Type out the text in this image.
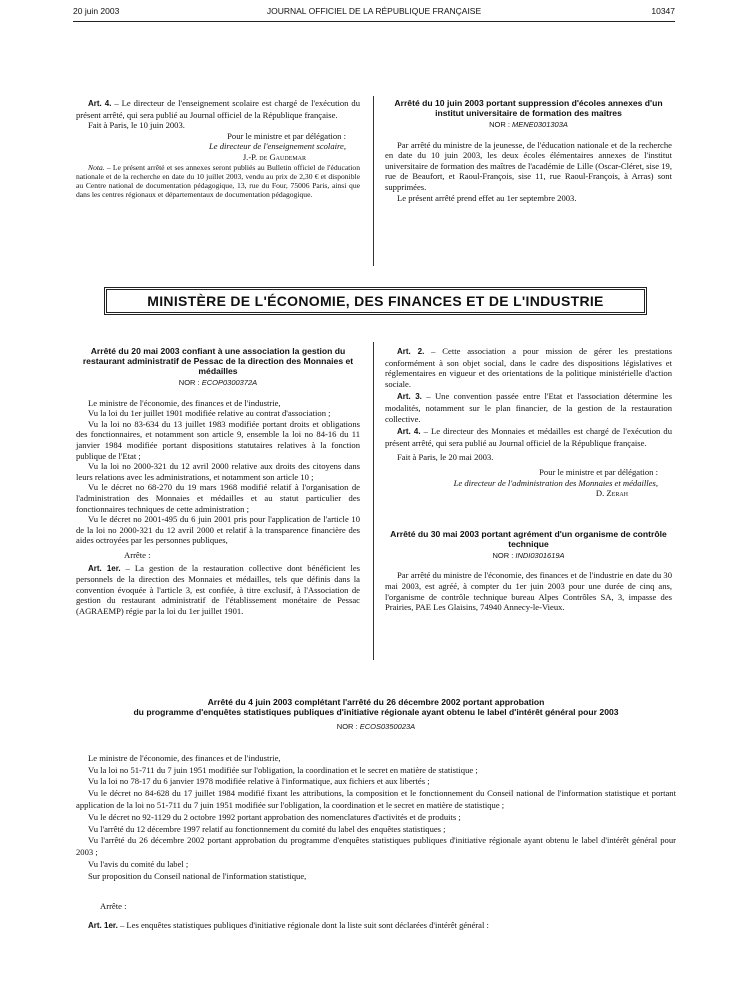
20 juin 2003	JOURNAL OFFICIEL DE LA RÉPUBLIQUE FRANÇAISE	10347

Art. 4. – Le directeur de l'enseignement scolaire est chargé de l'exécution du présent arrêté, qui sera publié au Journal officiel de la République française.

Fait à Paris, le 10 juin 2003.

Pour le ministre et par délégation :

Le directeur de l'enseignement scolaire,

J.-P. de Gaudemar

Nota. – Le présent arrêté et ses annexes seront publiés au Bulletin officiel de l'éducation nationale et de la recherche en date du 10 juillet 2003, vendu au prix de 2,30 € et disponible au Centre national de documentation pédagogique, 13, rue du Four, 75006 Paris, ainsi que dans les centres régionaux et départementaux de documentation pédagogique.

Arrêté du 10 juin 2003 portant suppression d'écoles annexes d'un institut universitaire de formation des maîtres
NOR : MENE0301303A

Par arrêté du ministre de la jeunesse, de l'éducation nationale et de la recherche en date du 10 juin 2003, les deux écoles élémentaires annexes de l'institut universitaire de formation des maîtres de l'académie de Lille (Oscar-Cléret, sise 19, rue de Beaufort, et Raoul-François, sise 11, rue Raoul-François, à Arras) sont supprimées.

Le présent arrêté prend effet au 1er septembre 2003.

MINISTÈRE DE L'ÉCONOMIE, DES FINANCES ET DE L'INDUSTRIE
Arrêté du 20 mai 2003 confiant à une association la gestion du restaurant administratif de Pessac de la direction des Monnaies et médailles
NOR : ECOP0300372A

Le ministre de l'économie, des finances et de l'industrie,

Vu la loi du 1er juillet 1901 modifiée relative au contrat d'association ;

Vu la loi no 83-634 du 13 juillet 1983 modifiée portant droits et obligations des fonctionnaires, et notamment son article 9, ensemble la loi no 84-16 du 11 janvier 1984 modifiée portant dispositions statutaires relatives à la fonction publique de l'Etat ;

Vu la loi no 2000-321 du 12 avril 2000 relative aux droits des citoyens dans leurs relations avec les administrations, et notamment son article 10 ;

Vu le décret no 68-270 du 19 mars 1968 modifié relatif à l'organisation de l'administration des Monnaies et médailles et au statut particulier des fonctionnaires techniques de cette administration ;

Vu le décret no 2001-495 du 6 juin 2001 pris pour l'application de l'article 10 de la loi no 2000-321 du 12 avril 2000 et relatif à la transparence financière des aides octroyées par les personnes publiques,

Arrête :

Art. 1er. – La gestion de la restauration collective dont bénéficient les personnels de la direction des Monnaies et médailles, tels que définis dans la convention évoquée à l'article 3, est confiée, à titre exclusif, à l'Association de gestion du restaurant administratif de l'établissement monétaire de Pessac (AGRAEMP) régie par la loi du 1er juillet 1901.

Art. 2. – Cette association a pour mission de gérer les prestations conformément à son objet social, dans le cadre des dispositions législatives et réglementaires en vigueur et des orientations de la politique ministérielle d'action sociale.

Art. 3. – Une convention passée entre l'Etat et l'association détermine les modalités, notamment sur le plan financier, de la gestion de la restauration collective.

Art. 4. – Le directeur des Monnaies et médailles est chargé de l'exécution du présent arrêté, qui sera publié au Journal officiel de la République française.

Fait à Paris, le 20 mai 2003.

Pour le ministre et par délégation :

Le directeur de l'administration des Monnaies et médailles,

D. Zerah

Arrêté du 30 mai 2003 portant agrément d'un organisme de contrôle technique
NOR : INDI0301619A

Par arrêté du ministre de l'économie, des finances et de l'industrie en date du 30 mai 2003, est agréé, à compter du 1er juin 2003 pour une durée de cinq ans, l'organisme de contrôle technique bureau Alpes Contrôles SA, 3, impasse des Prairies, PAE Les Glaisins, 74940 Annecy-le-Vieux.

Arrêté du 4 juin 2003 complétant l'arrêté du 26 décembre 2002 portant approbation
du programme d'enquêtes statistiques publiques d'initiative régionale ayant obtenu le label d'intérêt général pour 2003
NOR : ECOS0350023A

Le ministre de l'économie, des finances et de l'industrie,

Vu la loi no 51-711 du 7 juin 1951 modifiée sur l'obligation, la coordination et le secret en matière de statistique ;

Vu la loi no 78-17 du 6 janvier 1978 modifiée relative à l'informatique, aux fichiers et aux libertés ;

Vu le décret no 84-628 du 17 juillet 1984 modifié fixant les attributions, la composition et le fonctionnement du Conseil national de l'information statistique et portant application de la loi no 51-711 du 7 juin 1951 modifiée sur l'obligation, la coordination et le secret en matière de statistique ;

Vu le décret no 92-1129 du 2 octobre 1992 portant approbation des nomenclatures d'activités et de produits ;

Vu l'arrêté du 12 décembre 1997 relatif au fonctionnement du comité du label des enquêtes statistiques ;

Vu l'arrêté du 26 décembre 2002 portant approbation du programme d'enquêtes statistiques publiques d'initiative régionale ayant obtenu le label d'intérêt général pour 2003 ;

Vu l'avis du comité du label ;

Sur proposition du Conseil national de l'information statistique,

Arrête :

Art. 1er. – Les enquêtes statistiques publiques d'initiative régionale dont la liste suit sont déclarées d'intérêt général :
